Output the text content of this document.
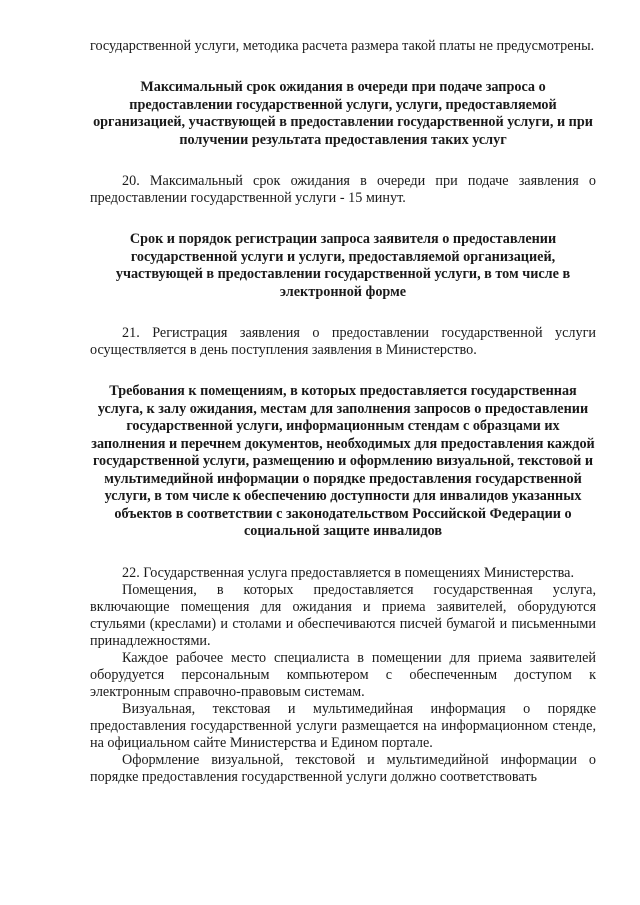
государственной услуги, методика расчета размера такой платы не предусмотрены.

Максимальный срок ожидания в очереди при подаче запроса о предоставлении государственной услуги, услуги, предоставляемой организацией, участвующей в предоставлении государственной услуги, и при получении результата предоставления таких услуг

20. Максимальный срок ожидания в очереди при подаче заявления о предоставлении государственной услуги - 15 минут.

Срок и порядок регистрации запроса заявителя о предоставлении государственной услуги и услуги, предоставляемой организацией, участвующей в предоставлении государственной услуги, в том числе в электронной форме

21. Регистрация заявления о предоставлении государственной услуги осуществляется в день поступления заявления в Министерство.

Требования к помещениям, в которых предоставляется государственная услуга, к залу ожидания, местам для заполнения запросов о предоставлении государственной услуги, информационным стендам с образцами их заполнения и перечнем документов, необходимых для предоставления каждой государственной услуги, размещению и оформлению визуальной, текстовой и мультимедийной информации о порядке предоставления государственной услуги, в том числе к обеспечению доступности для инвалидов указанных объектов в соответствии с законодательством Российской Федерации о социальной защите инвалидов

22. Государственная услуга предоставляется в помещениях Министерства.

Помещения, в которых предоставляется государственная услуга, включающие помещения для ожидания и приема заявителей, оборудуются стульями (креслами) и столами и обеспечиваются писчей бумагой и письменными принадлежностями.

Каждое рабочее место специалиста в помещении для приема заявителей оборудуется персональным компьютером с обеспеченным доступом к электронным справочно-правовым системам.

Визуальная, текстовая и мультимедийная информация о порядке предоставления государственной услуги размещается на информационном стенде, на официальном сайте Министерства и Едином портале.

Оформление визуальной, текстовой и мультимедийной информации о порядке предоставления государственной услуги должно соответствовать
